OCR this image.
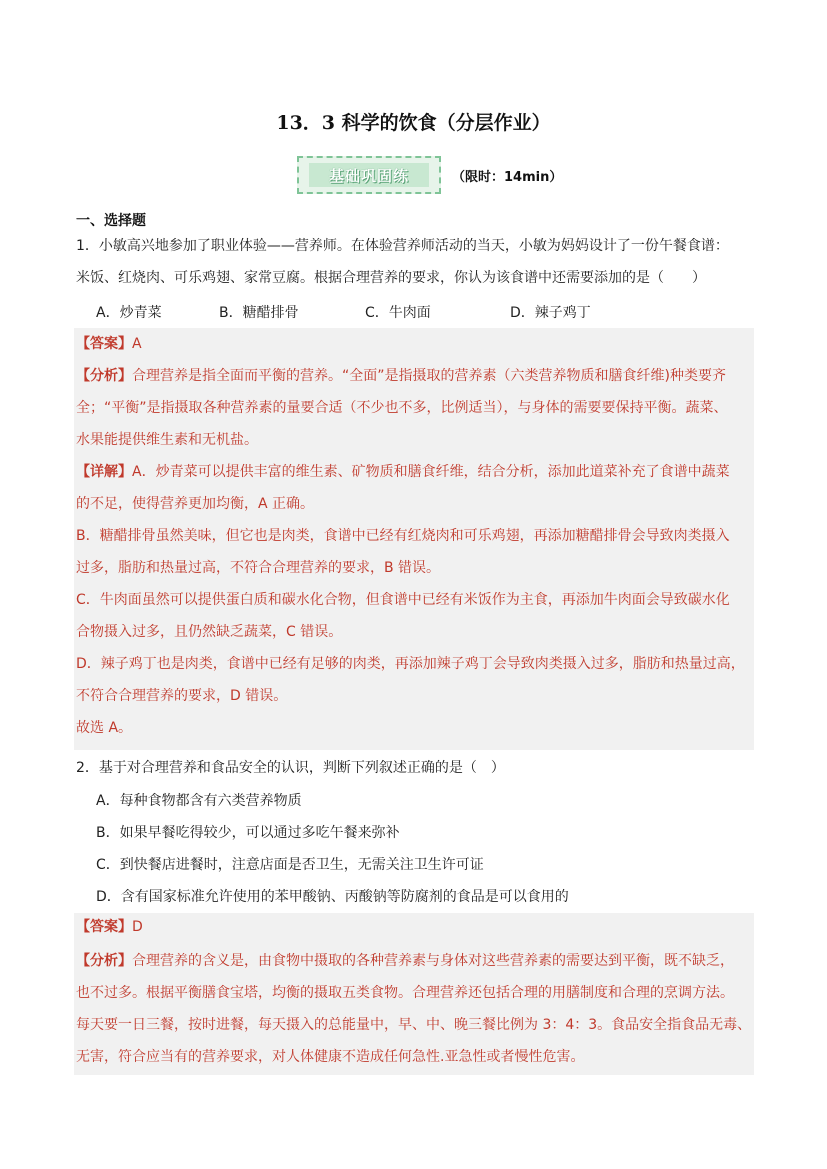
13．3 科学的饮食（分层作业）
基础巩固练	（限时：14min）
一、选择题
1．小敏高兴地参加了职业体验——营养师。在体验营养师活动的当天，小敏为妈妈设计了一份午餐食谱：
米饭、红烧肉、可乐鸡翅、家常豆腐。根据合理营养的要求，你认为该食谱中还需要添加的是（　　）
A．炒青菜	B．糖醋排骨	C．牛肉面	D．辣子鸡丁
【答案】A
【分析】合理营养是指全面而平衡的营养。“全面”是指摄取的营养素（六类营养物质和膳食纤维)种类要齐
全；“平衡”是指摄取各种营养素的量要合适（不少也不多，比例适当），与身体的需要要保持平衡。蔬菜、
水果能提供维生素和无机盐。
【详解】A．炒青菜可以提供丰富的维生素、矿物质和膳食纤维，结合分析，添加此道菜补充了食谱中蔬菜
的不足，使得营养更加均衡，A 正确。
B．糖醋排骨虽然美味，但它也是肉类，食谱中已经有红烧肉和可乐鸡翅，再添加糖醋排骨会导致肉类摄入
过多，脂肪和热量过高，不符合合理营养的要求，B 错误。
C．牛肉面虽然可以提供蛋白质和碳水化合物，但食谱中已经有米饭作为主食，再添加牛肉面会导致碳水化
合物摄入过多，且仍然缺乏蔬菜，C 错误。
D．辣子鸡丁也是肉类，食谱中已经有足够的肉类，再添加辣子鸡丁会导致肉类摄入过多，脂肪和热量过高，
不符合合理营养的要求，D 错误。
故选 A。
2．基于对合理营养和食品安全的认识，判断下列叙述正确的是（　）
A．每种食物都含有六类营养物质
B．如果早餐吃得较少，可以通过多吃午餐来弥补
C．到快餐店进餐时，注意店面是否卫生，无需关注卫生许可证
D．含有国家标准允许使用的苯甲酸钠、丙酸钠等防腐剂的食品是可以食用的
【答案】D
【分析】合理营养的含义是，由食物中摄取的各种营养素与身体对这些营养素的需要达到平衡，既不缺乏，
也不过多。根据平衡膳食宝塔，均衡的摄取五类食物。合理营养还包括合理的用膳制度和合理的烹调方法。
每天要一日三餐，按时进餐，每天摄入的总能量中，早、中、晚三餐比例为 3：4：3。食品安全指食品无毒、
无害，符合应当有的营养要求，对人体健康不造成任何急性.亚急性或者慢性危害。
